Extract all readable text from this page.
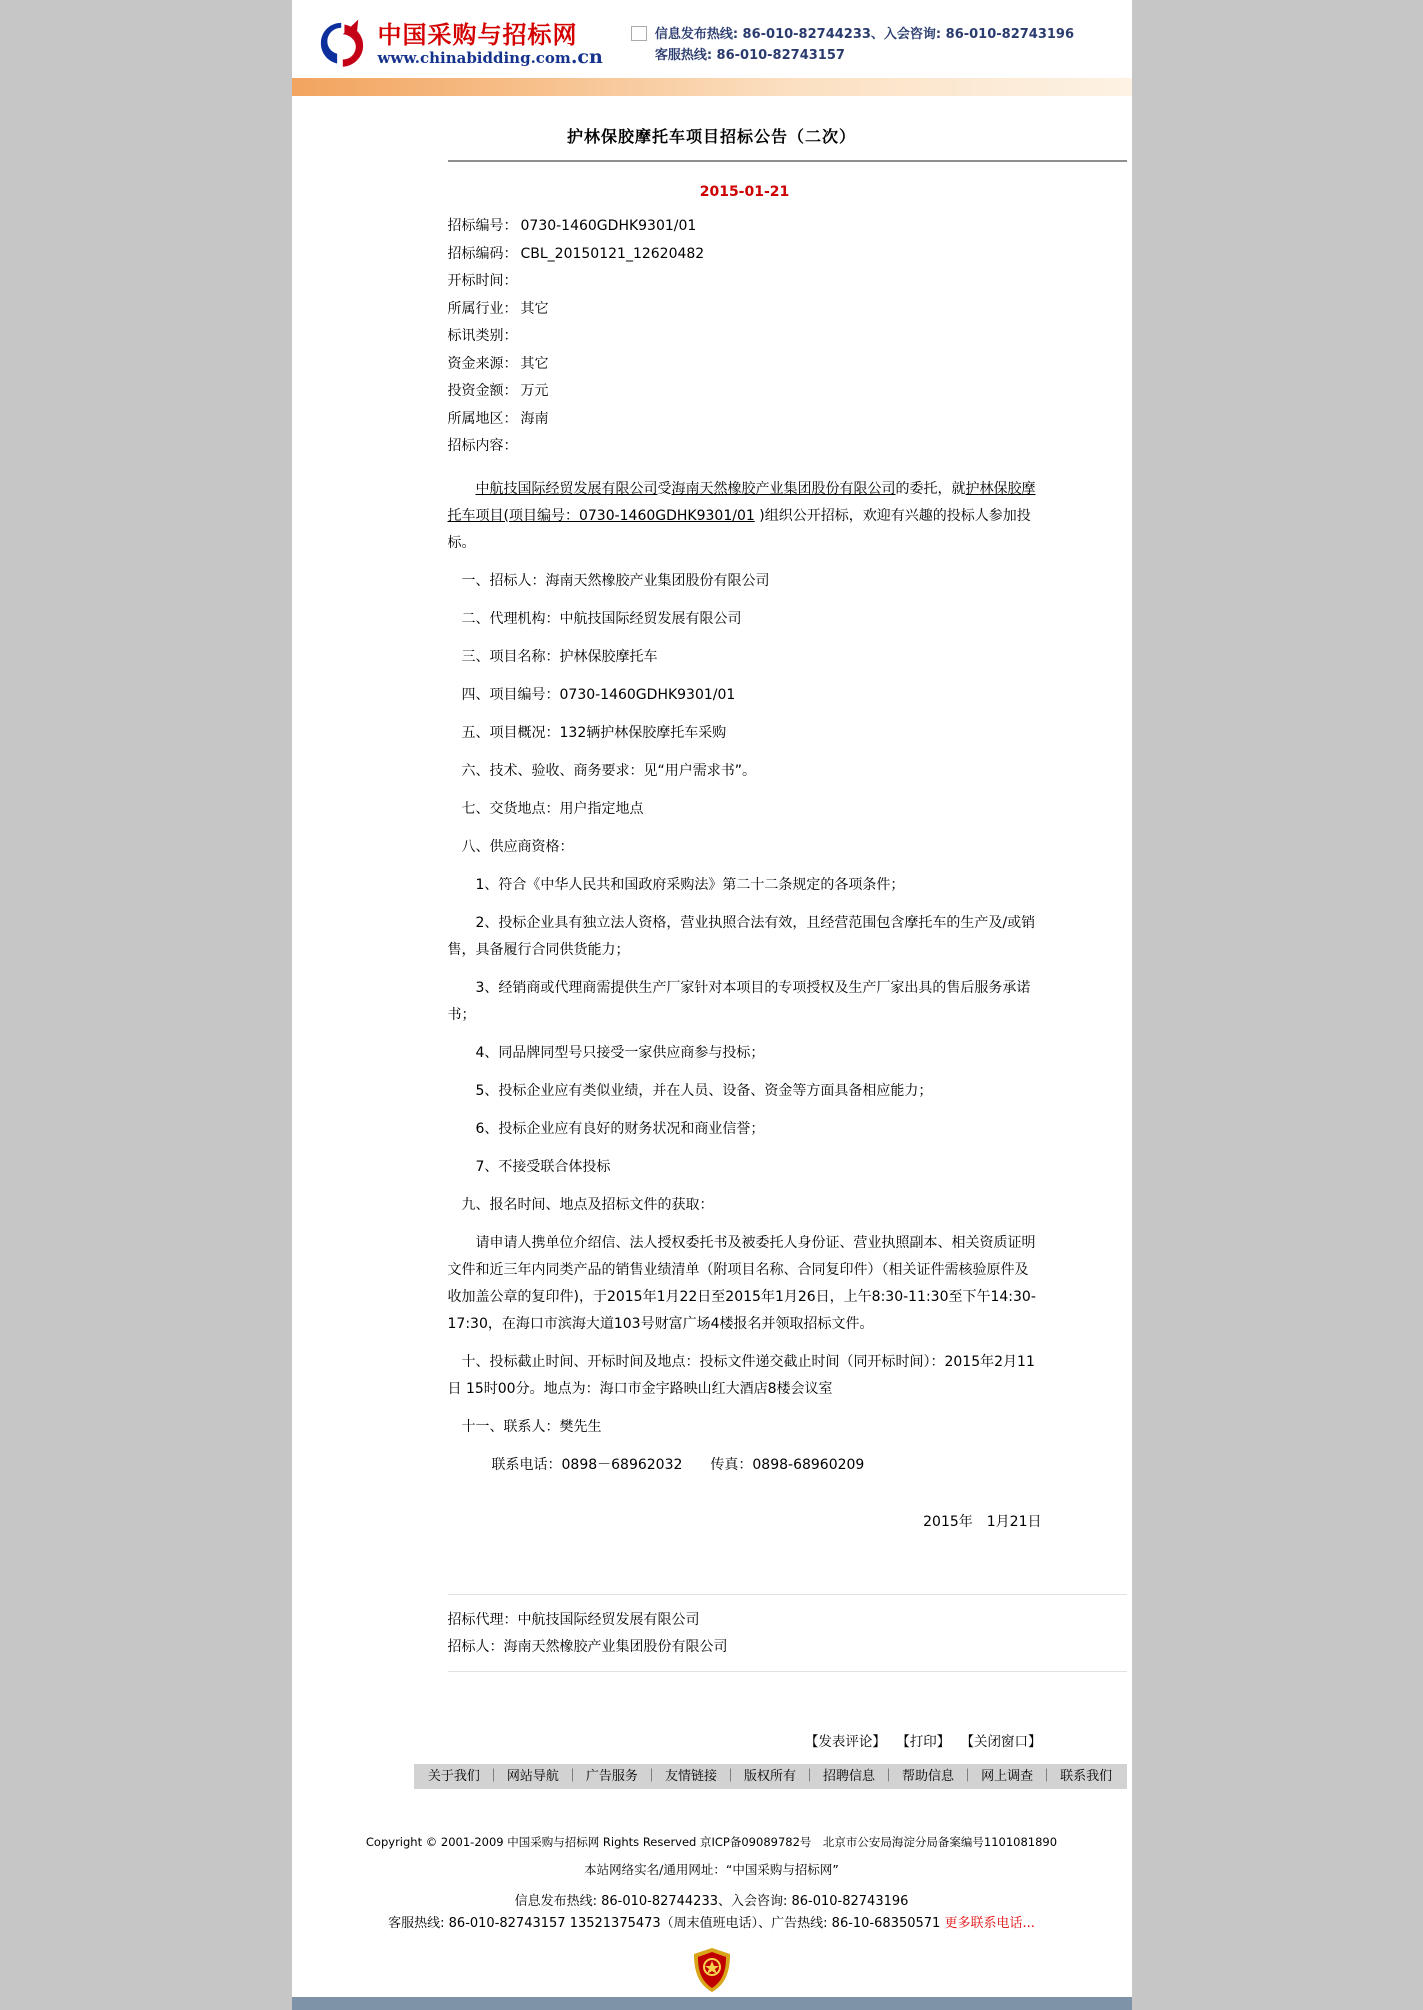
中国采购与招标网
www.chinabidding.com.cn
信息发布热线: 86-010-82744233、入会咨询: 86-010-82743196
客服热线: 86-010-82743157
护林保胶摩托车项目招标公告（二次）
2015-01-21
招标编号： 0730-1460GDHK9301/01
招标编码： CBL_20150121_12620482
开标时间：
所属行业： 其它
标讯类别：
资金来源： 其它
投资金额： 万元
所属地区： 海南
招标内容：

中航技国际经贸发展有限公司受海南天然橡胶产业集团股份有限公司的委托，就护林保胶摩托车项目(项目编号：0730-1460GDHK9301/01 )组织公开招标，欢迎有兴趣的投标人参加投标。

一、招标人：海南天然橡胶产业集团股份有限公司

二、代理机构：中航技国际经贸发展有限公司

三、项目名称：护林保胶摩托车

四、项目编号：0730-1460GDHK9301/01

五、项目概况：132辆护林保胶摩托车采购

六、技术、验收、商务要求：见“用户需求书”。

七、交货地点：用户指定地点

八、供应商资格：

1、符合《中华人民共和国政府采购法》第二十二条规定的各项条件；

2、投标企业具有独立法人资格，营业执照合法有效，且经营范围包含摩托车的生产及/或销售，具备履行合同供货能力；

3、经销商或代理商需提供生产厂家针对本项目的专项授权及生产厂家出具的售后服务承诺书；

4、同品牌同型号只接受一家供应商参与投标；

5、投标企业应有类似业绩，并在人员、设备、资金等方面具备相应能力；

6、投标企业应有良好的财务状况和商业信誉；

7、不接受联合体投标

九、报名时间、地点及招标文件的获取：

请申请人携单位介绍信、法人授权委托书及被委托人身份证、营业执照副本、相关资质证明文件和近三年内同类产品的销售业绩清单（附项目名称、合同复印件）（相关证件需核验原件及收加盖公章的复印件)，于2015年1月22日至2015年1月26日，上午8:30-11:30至下午14:30-17:30，在海口市滨海大道103号财富广场4楼报名并领取招标文件。

十、投标截止时间、开标时间及地点：投标文件递交截止时间（同开标时间）：2015年2月11日 15时00分。地点为：海口市金宇路映山红大酒店8楼会议室

十一、联系人：樊先生

联系电话：0898－68962032　　传真：0898-68960209

2015年　1月21日
招标代理：中航技国际经贸发展有限公司
招标人：海南天然橡胶产业集团股份有限公司
【发表评论】 【打印】 【关闭窗口】
关于我们 ｜ 网站导航 ｜ 广告服务 ｜ 友情链接 ｜ 版权所有 ｜ 招聘信息 ｜ 帮助信息 ｜ 网上调查 ｜ 联系我们
Copyright © 2001-2009 中国采购与招标网 Rights Reserved 京ICP备09089782号　北京市公安局海淀分局备案编号1101081890
本站网络实名/通用网址：“中国采购与招标网”
信息发布热线: 86-010-82744233、入会咨询: 86-010-82743196
客服热线: 86-010-82743157 13521375473（周末值班电话）、广告热线: 86-10-68350571 更多联系电话...
